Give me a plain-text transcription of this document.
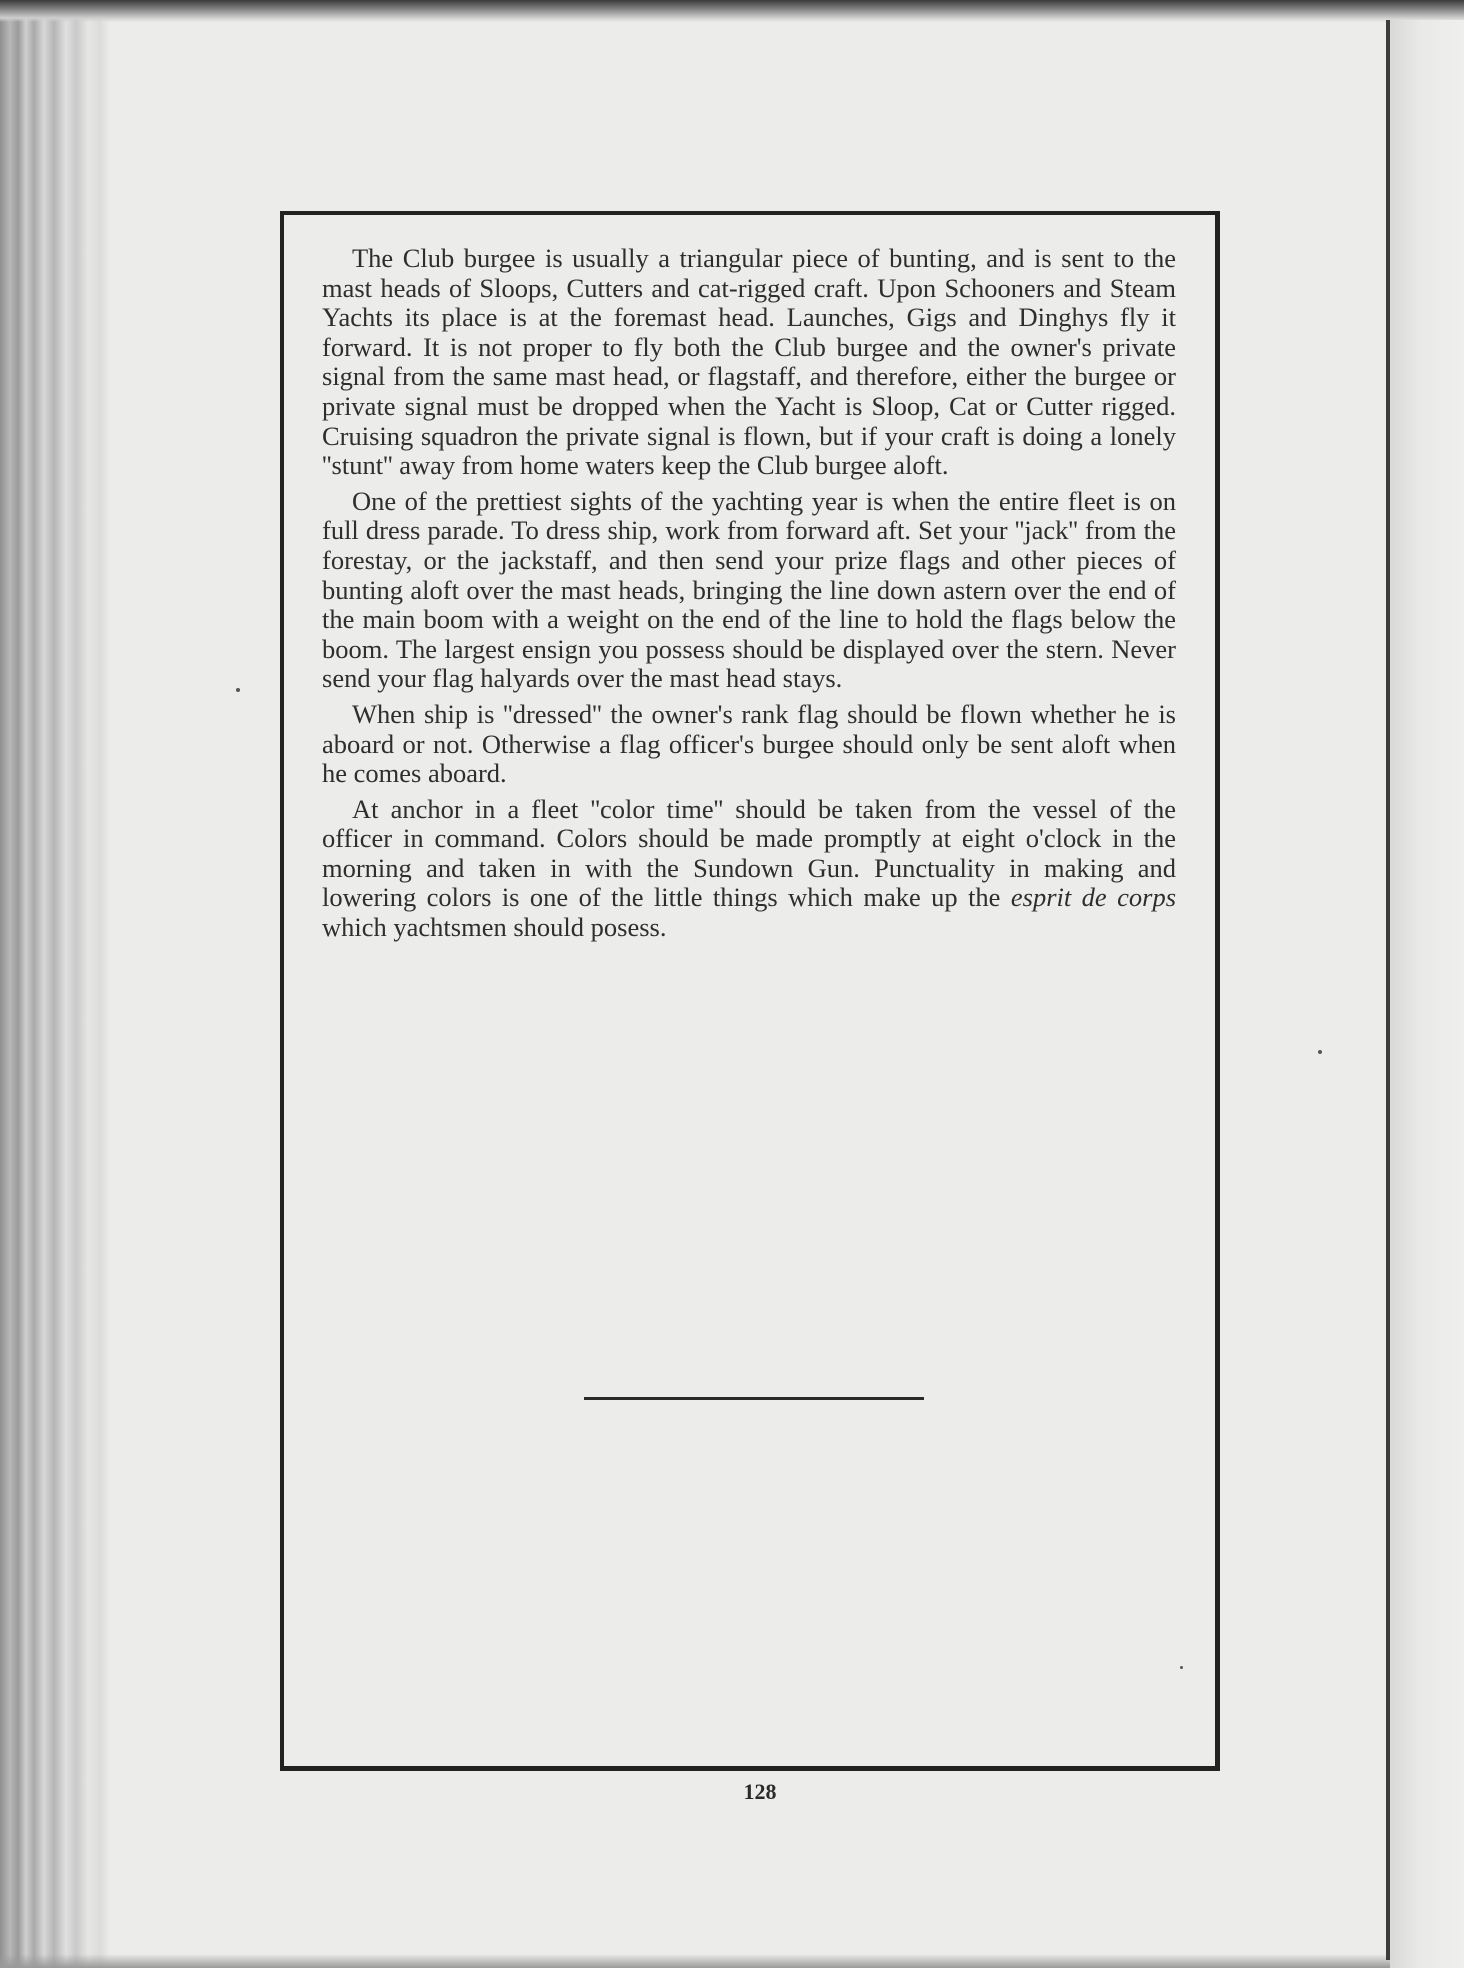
The Club burgee is usually a triangular piece of bunting, and is sent to the mast heads of Sloops, Cutters and cat-rigged craft. Upon Schooners and Steam Yachts its place is at the foremast head. Launches, Gigs and Dinghys fly it forward. It is not proper to fly both the Club burgee and the owner's private signal from the same mast head, or flagstaff, and therefore, either the burgee or private signal must be dropped when the Yacht is Sloop, Cat or Cutter rigged. Cruising squadron the private signal is flown, but if your craft is doing a lonely ''stunt'' away from home waters keep the Club burgee aloft.

One of the prettiest sights of the yachting year is when the entire fleet is on full dress parade. To dress ship, work from forward aft. Set your ''jack'' from the forestay, or the jackstaff, and then send your prize flags and other pieces of bunting aloft over the mast heads, bringing the line down astern over the end of the main boom with a weight on the end of the line to hold the flags below the boom. The largest ensign you possess should be displayed over the stern. Never send your flag halyards over the mast head stays.

When ship is ''dressed'' the owner's rank flag should be flown whether he is aboard or not. Otherwise a flag officer's burgee should only be sent aloft when he comes aboard.

At anchor in a fleet ''color time'' should be taken from the vessel of the officer in command. Colors should be made promptly at eight o'clock in the morning and taken in with the Sundown Gun. Punctuality in making and lowering colors is one of the little things which make up the esprit de corps which yachtsmen should posess.

128
